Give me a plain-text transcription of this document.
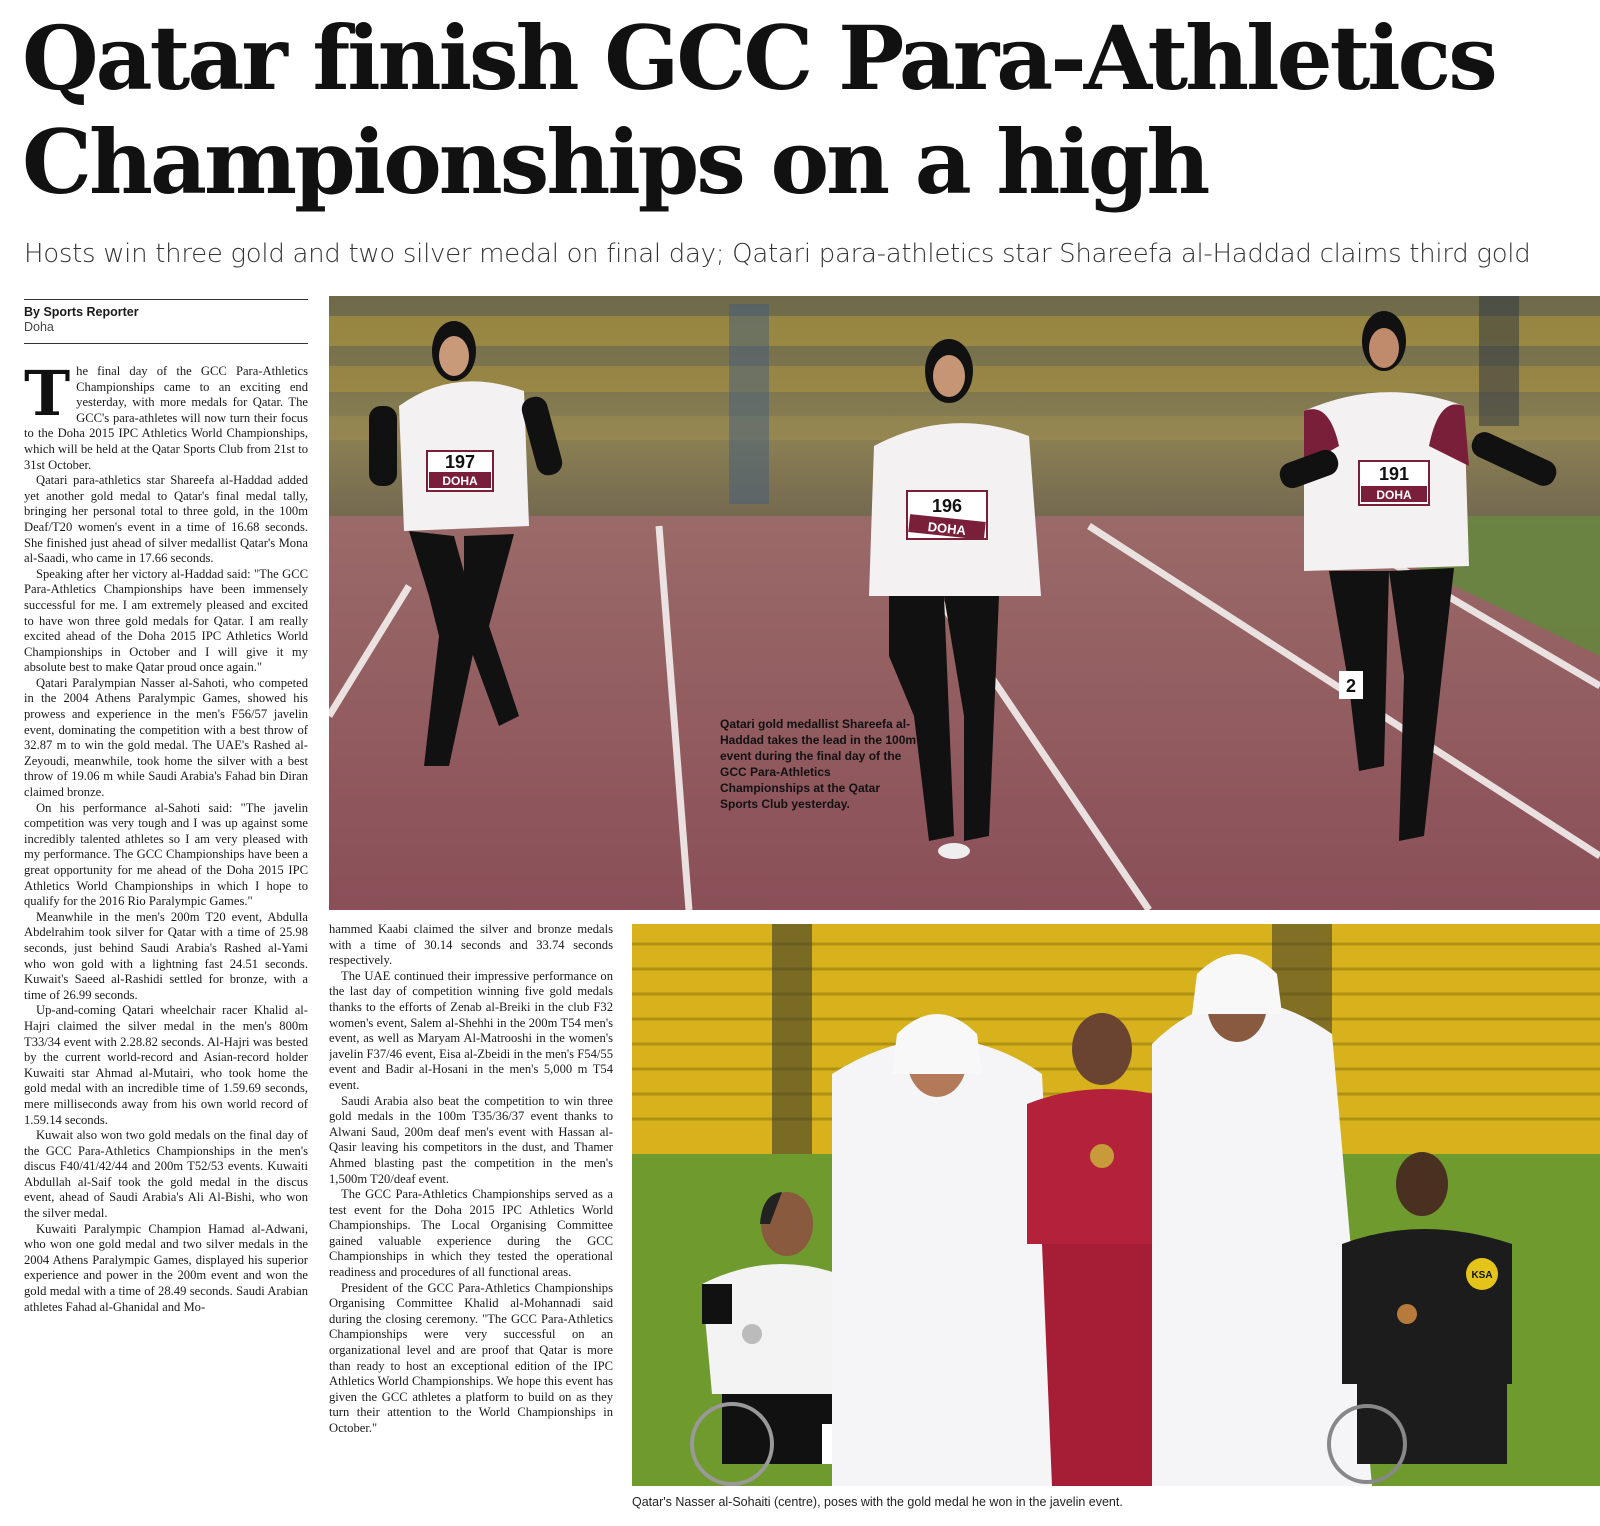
Qatar finish GCC Para-Athletics Championships on a high
Hosts win three gold and two silver medal on final day; Qatari para-athletics star Shareefa al-Haddad claims third gold
By Sports Reporter
Doha

The final day of the GCC Para-Athletics Championships came to an exciting end yesterday, with more medals for Qatar. The GCC's para-athletes will now turn their focus to the Doha 2015 IPC Athletics World Championships, which will be held at the Qatar Sports Club from 21st to 31st October.

Qatari para-athletics star Shareefa al-Haddad added yet another gold medal to Qatar's final medal tally, bringing her personal total to three gold, in the 100m Deaf/T20 women's event in a time of 16.68 seconds. She finished just ahead of silver medallist Qatar's Mona al-Saadi, who came in 17.66 seconds.

Speaking after her victory al-Haddad said: "The GCC Para-Athletics Championships have been immensely successful for me. I am extremely pleased and excited to have won three gold medals for Qatar. I am really excited ahead of the Doha 2015 IPC Athletics World Championships in October and I will give it my absolute best to make Qatar proud once again."

Qatari Paralympian Nasser al-Sahoti, who competed in the 2004 Athens Paralympic Games, showed his prowess and experience in the men's F56/57 javelin event, dominating the competition with a best throw of 32.87 m to win the gold medal. The UAE's Rashed al-Zeyoudi, meanwhile, took home the silver with a best throw of 19.06 m while Saudi Arabia's Fahad bin Diran claimed bronze.

On his performance al-Sahoti said: "The javelin competition was very tough and I was up against some incredibly talented athletes so I am very pleased with my performance. The GCC Championships have been a great opportunity for me ahead of the Doha 2015 IPC Athletics World Championships in which I hope to qualify for the 2016 Rio Paralympic Games."

Meanwhile in the men's 200m T20 event, Abdulla Abdelrahim took silver for Qatar with a time of 25.98 seconds, just behind Saudi Arabia's Rashed al-Yami who won gold with a lightning fast 24.51 seconds. Kuwait's Saeed al-Rashidi settled for bronze, with a time of 26.99 seconds.

Up-and-coming Qatari wheelchair racer Khalid al-Hajri claimed the silver medal in the men's 800m T33/34 event with 2.28.82 seconds. Al-Hajri was bested by the current world-record and Asian-record holder Kuwaiti star Ahmad al-Mutairi, who took home the gold medal with an incredible time of 1.59.69 seconds, mere milliseconds away from his own world record of 1.59.14 seconds.

Kuwait also won two gold medals on the final day of the GCC Para-Athletics Championships in the men's discus F40/41/42/44 and 200m T52/53 events. Kuwaiti Abdullah al-Saif took the gold medal in the discus event, ahead of Saudi Arabia's Ali Al-Bishi, who won the silver medal.

Kuwaiti Paralympic Champion Hamad al-Adwani, who won one gold medal and two silver medals in the 2004 Athens Paralympic Games, displayed his superior experience and power in the 200m event and won the gold medal with a time of 28.49 seconds. Saudi Arabian athletes Fahad al-Ghanidal and Mo-

hammed Kaabi claimed the silver and bronze medals with a time of 30.14 seconds and 33.74 seconds respectively.

The UAE continued their impressive performance on the last day of competition winning five gold medals thanks to the efforts of Zenab al-Breiki in the club F32 women's event, Salem al-Shehhi in the 200m T54 men's event, as well as Maryam Al-Matrooshi in the women's javelin F37/46 event, Eisa al-Zbeidi in the men's F54/55 event and Badir al-Hosani in the men's 5,000 m T54 event.

Saudi Arabia also beat the competition to win three gold medals in the 100m T35/36/37 event thanks to Alwani Saud, 200m deaf men's event with Hassan al-Qasir leaving his competitors in the dust, and Thamer Ahmed blasting past the competition in the men's 1,500m T20/deaf event.

The GCC Para-Athletics Championships served as a test event for the Doha 2015 IPC Athletics World Championships. The Local Organising Committee gained valuable experience during the GCC Championships in which they tested the operational readiness and procedures of all functional areas.

President of the GCC Para-Athletics Championships Organising Committee Khalid al-Mohannadi said during the closing ceremony. "The GCC Para-Athletics Championships were very successful on an organizational level and are proof that Qatar is more than ready to host an exceptional edition of the IPC Athletics World Championships. We hope this event has given the GCC athletes a platform to build on as they turn their attention to the World Championships in October."

197
DOHA
196
DOHA
191
DOHA
2
Qatari gold medallist Shareefa al-Haddad takes the lead in the 100m event during the final day of the GCC Para-Athletics Championships at the Qatar Sports Club yesterday.
KSA
Qatar's Nasser al-Sohaiti (centre), poses with the gold medal he won in the javelin event.
